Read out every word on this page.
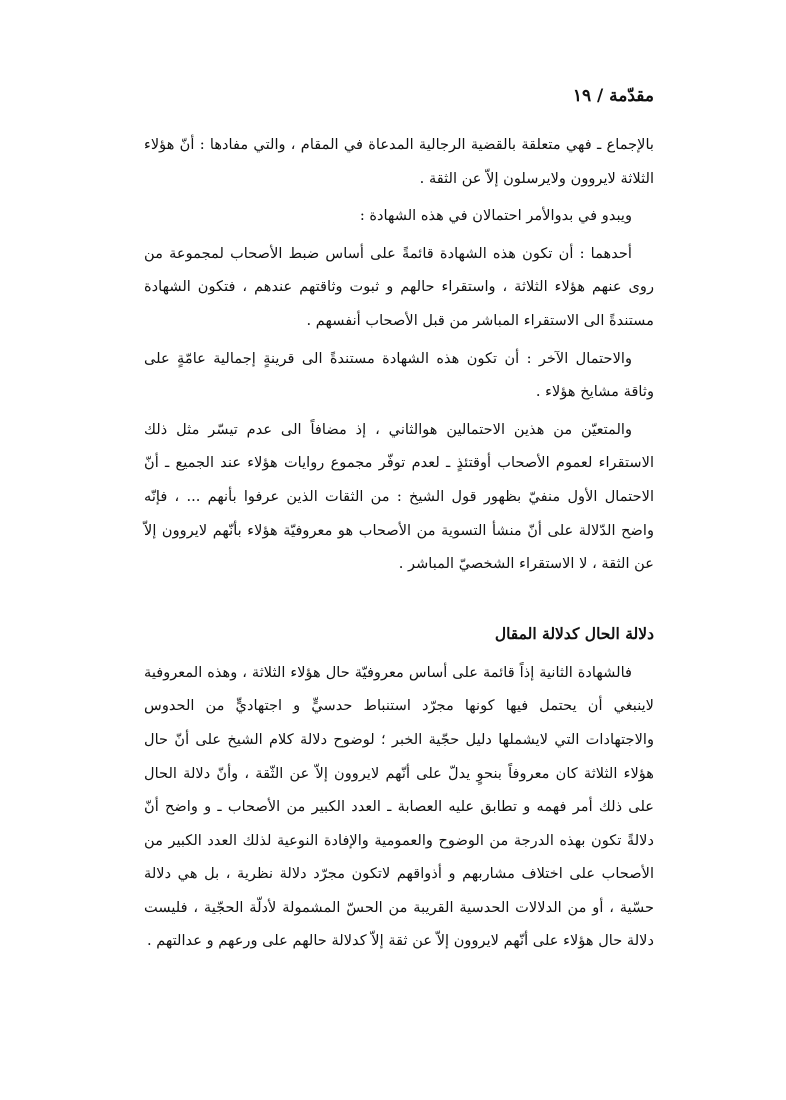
مقدّمة / ١٩

بالإجماع ـ فهي متعلقة بالقضية الرجالية المدعاة في المقام ، والتي مفادها : أنّ هؤلاء الثلاثة لايروون ولايرسلون إلاّ عن الثقة .

ويبدو في بدوالأمر احتمالان في هذه الشهادة :

أحدهما : أن تكون هذه الشهادة قائمةً على أساس ضبط الأصحاب لمجموعة من روى عنهم هؤلاء الثلاثة ، واستقراء حالهم و ثبوت وثاقتهم عندهم ، فتكون الشهادة مستندةً الى الاستقراء المباشر من قبل الأصحاب أنفسهم .

والاحتمال الآخر : أن تكون هذه الشهادة مستندةً الى قرينةٍ إجمالية عامّةٍ على وثاقة مشايخ هؤلاء .

والمتعيّن من هذين الاحتمالين هوالثاني ، إذ مضافاً الى عدم تيسّر مثل ذلك الاستقراء لعموم الأصحاب أوقتئذٍ ـ لعدم توفّر مجموع روايات هؤلاء عند الجميع ـ أنّ الاحتمال الأول منفيّ بظهور قول الشيخ : من الثقات الذين عرفوا بأنهم ... ، فإنّه واضح الدّلالة على أنّ منشأ التسوية من الأصحاب هو معروفيّة هؤلاء بأنّهم لايروون إلاّ عن الثقة ، لا الاستقراء الشخصيّ المباشر .

دلالة الحال كدلالة المقال

فالشهادة الثانية إذاً قائمة على أساس معروفيّة حال هؤلاء الثلاثة ، وهذه المعروفية لاينبغي أن يحتمل فيها كونها مجرّد استنباط حدسيٍّ و اجتهاديٍّ من الحدوس والاجتهادات التي لايشملها دليل حجّية الخبر ؛ لوضوح دلالة كلام الشيخ على أنّ حال هؤلاء الثلاثة كان معروفاً بنحوٍ يدلّ على أنّهم لايروون إلاّ عن الثّقة ، وأنّ دلالة الحال على ذلك أمر فهمه و تطابق عليه العصابة ـ العدد الكبير من الأصحاب ـ و واضح أنّ دلالةً تكون بهذه الدرجة من الوضوح والعمومية والإفادة النوعية لذلك العدد الكبير من الأصحاب على اختلاف مشاربهم و أذواقهم لاتكون مجرّد دلالة نظرية ، بل هي دلالة حسّية ، أو من الدلالات الحدسية القريبة من الحسّ المشمولة لأدلّة الحجّية ، فليست دلالة حال هؤلاء على أنّهم لايروون إلاّ عن ثقة إلاّ كدلالة حالهم على ورعهم و عدالتهم .
